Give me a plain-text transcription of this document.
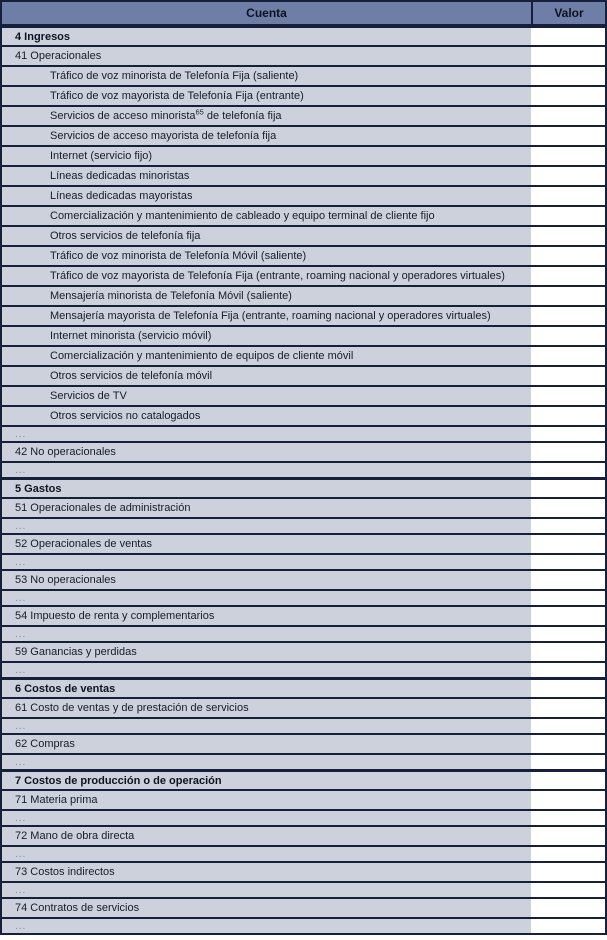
Cuenta	Valor
4 Ingresos
41 Operacionales
Tráfico de voz minorista de Telefonía Fija (saliente)
Tráfico de voz mayorista de Telefonía Fija (entrante)
Servicios de acceso minorista$^{65}$ de telefonía fija
Servicios de acceso mayorista de telefonía fija
Internet (servicio fijo)
Líneas dedicadas minoristas
Líneas dedicadas mayoristas
Comercialización y mantenimiento de cableado y equipo terminal de cliente fijo
Otros servicios de telefonía fija
Tráfico de voz minorista de Telefonía Móvil (saliente)
Tráfico de voz mayorista de Telefonía Fija (entrante, roaming nacional y operadores virtuales)
Mensajería minorista de Telefonía Móvil (saliente)
Mensajería mayorista de Telefonía Fija (entrante, roaming nacional y operadores virtuales)
Internet minorista (servicio móvil)
Comercialización y mantenimiento de equipos de cliente móvil
Otros servicios de telefonía móvil
Servicios de TV
Otros servicios no catalogados
...
42 No operacionales
...
5 Gastos
51 Operacionales de administración
...
52 Operacionales de ventas
...
53 No operacionales
...
54 Impuesto de renta y complementarios
...
59 Ganancias y perdidas
...
6 Costos de ventas
61 Costo de ventas y de prestación de servicios
...
62 Compras
...
7 Costos de producción o de operación
71 Materia prima
...
72 Mano de obra directa
...
73 Costos indirectos
...
74 Contratos de servicios
...
